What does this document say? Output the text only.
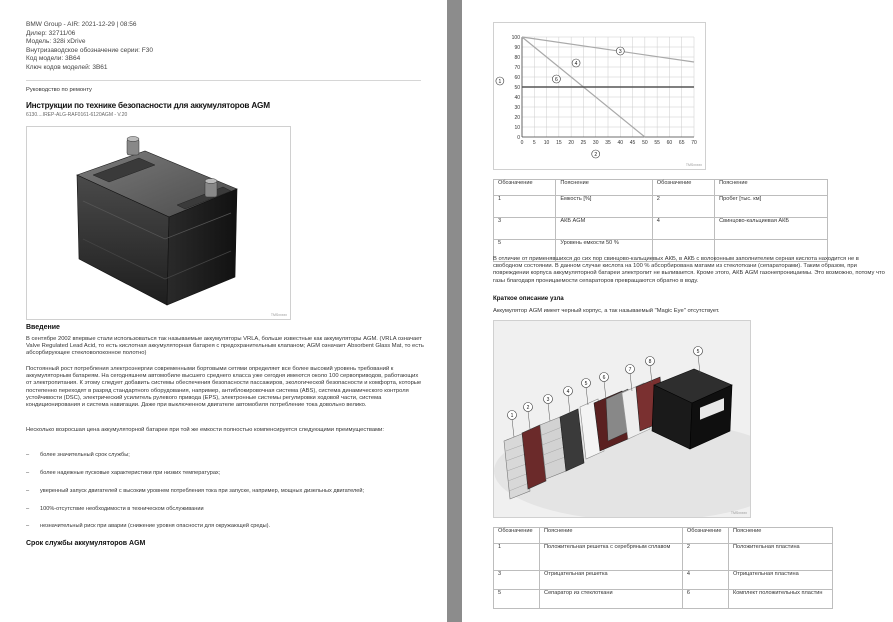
BMW Group - AIR: 2021-12-29 | 08:56
Дилер: 32711/06
Модель: 328i xDrive
Внутризаводское обозначение серии: F30
Код модели: 3B64
Ключ кодов моделей: 3B61
Руководство по ремонту
Инструкции по технике безопасности для аккумуляторов AGM
6130....IREP-ALG-RAF0161-6120AGM - V.20
TMSxxxxx
Введение
В сентябре 2002 впервые стали использоваться так называемые аккумуляторы VRLA, больше известные как аккумуляторы AGM. (VRLA означает Valve Regulated Lead Acid, то есть кислотная аккумуляторная батарея с предохранительным клапаном; AGM означает Absorbent Glass Mat, то есть абсорбирующее стекловолоконное полотно)
Постоянный рост потребления электроэнергии современными бортовыми сетями определяет все более высокий уровень требований к аккумуляторным батареям. На сегодняшнем автомобиле высшего среднего класса уже сегодня имеются около 100 сервоприводов, работающих от электропитания. К этому следует добавить системы обеспечения безопасности пассажиров, экологической безопасности и комфорта, которые постепенно переходят в разряд стандартного оборудования, например, антиблокировочная система (ABS), система динамического контроля устойчивости (DSC), электрический усилитель рулевого привода (EPS), электронные системы регулировки ходовой части, система кондиционирования и система навигации. Даже при выключенном двигателе автомобиля потребление тока довольно велико.
Несколько возросшая цена аккумуляторной батареи при той же емкости полностью компенсируется следующими преимуществами:
– более значительный срок службы;
– более надежные пусковые характеристики при низких температурах;
– уверенный запуск двигателей с высоким уровнем потребления тока при запуске, например, мощных дизельных двигателей;
– 100%-отсутствие необходимости в техническом обслуживании
– незначительный риск при аварии (снижение уровня опасности для окружающей среды).
Срок службы аккумуляторов AGM
0 5 10 15 20 25 30 35 40 45 50 55 60 65 70
0
10
20
30
40
50
60
70
80
90
100
3
4
6
1
2
TMSxxxxx
Обозначение	Пояснение	Обозначение	Пояснение
1	Емкость [%]	2	Пробег [тыс. км]
3	АКБ AGM	4	Свинцово-кальциевая АКБ
5	Уровень емкости 50 %		
В отличие от применявшихся до сих пор свинцово-кальциевых АКБ, в АКБ с волоконным заполнителем серная кислота находится не в свободном состоянии. В данном случае кислота на 100 % абсорбирована матами из стеклоткани (сепараторами). Таким образом, при повреждении корпуса аккумуляторной батареи электролит не выливается. Кроме этого, АКБ AGM газонепроницаемы. Это возможно, потому что газы благодаря проницаемости сепараторов превращаются обратно в воду.
Краткое описание узла
Аккумулятор AGM имеет черный корпус, а так называемый "Magic Eye" отсутствует.
1
2
3
4
5
6
7
8
5
TMSxxxxx
Обозначение	Пояснение	Обозначение	Пояснение
1	Положительная решетка с серебряным сплавом	2	Положительная пластина
3	Отрицательная решетка	4	Отрицательная пластина
5	Сепаратор из стеклоткани	6	Комплект положительных пластин
